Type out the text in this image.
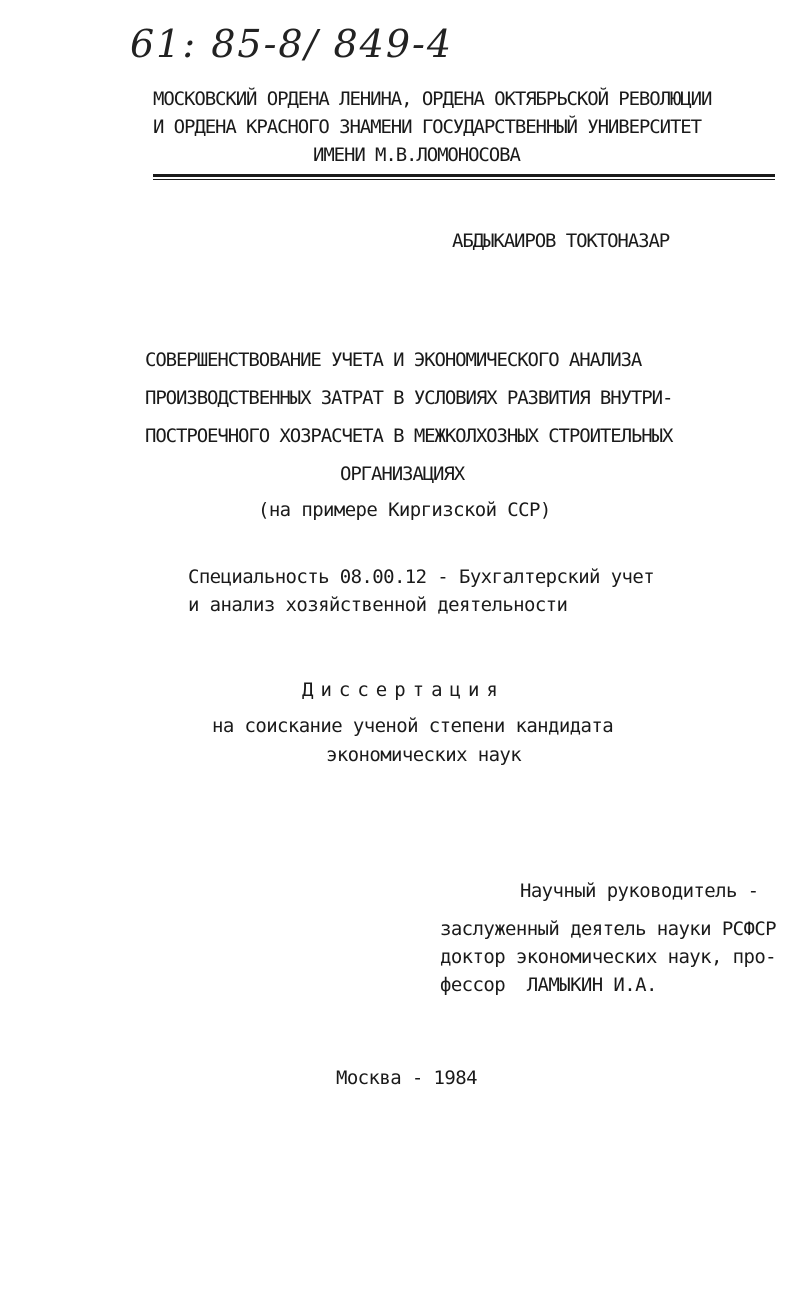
61: 85-8/ 849-4

МОСКОВСКИЙ ОРДЕНА ЛЕНИНА, ОРДЕНА ОКТЯБРЬСКОЙ РЕВОЛЮЦИИ

И ОРДЕНА КРАСНОГО ЗНАМЕНИ ГОСУДАРСТВЕННЫЙ УНИВЕРСИТЕТ

ИМЕНИ М.В.ЛОМОНОСОВА

АБДЫКАИРОВ ТОКТОНАЗАР

СОВЕРШЕНСТВОВАНИЕ УЧЕТА И ЭКОНОМИЧЕСКОГО АНАЛИЗА

ПРОИЗВОДСТВЕННЫХ ЗАТРАТ В УСЛОВИЯХ РАЗВИТИЯ ВНУТРИ-

ПОСТРОЕЧНОГО ХОЗРАСЧЕТА В МЕЖКОЛХОЗНЫХ СТРОИТЕЛЬНЫХ

ОРГАНИЗАЦИЯХ

(на примере Киргизской ССР)

Специальность 08.00.12 - Бухгалтерский учет

и анализ хозяйственной деятельности

Диссертация

на соискание ученой степени кандидата

экономических наук

Научный руководитель -

заслуженный деятель науки РСФСР

доктор экономических наук, про-

фессор  ЛАМЫКИН И.А.

Москва - 1984
